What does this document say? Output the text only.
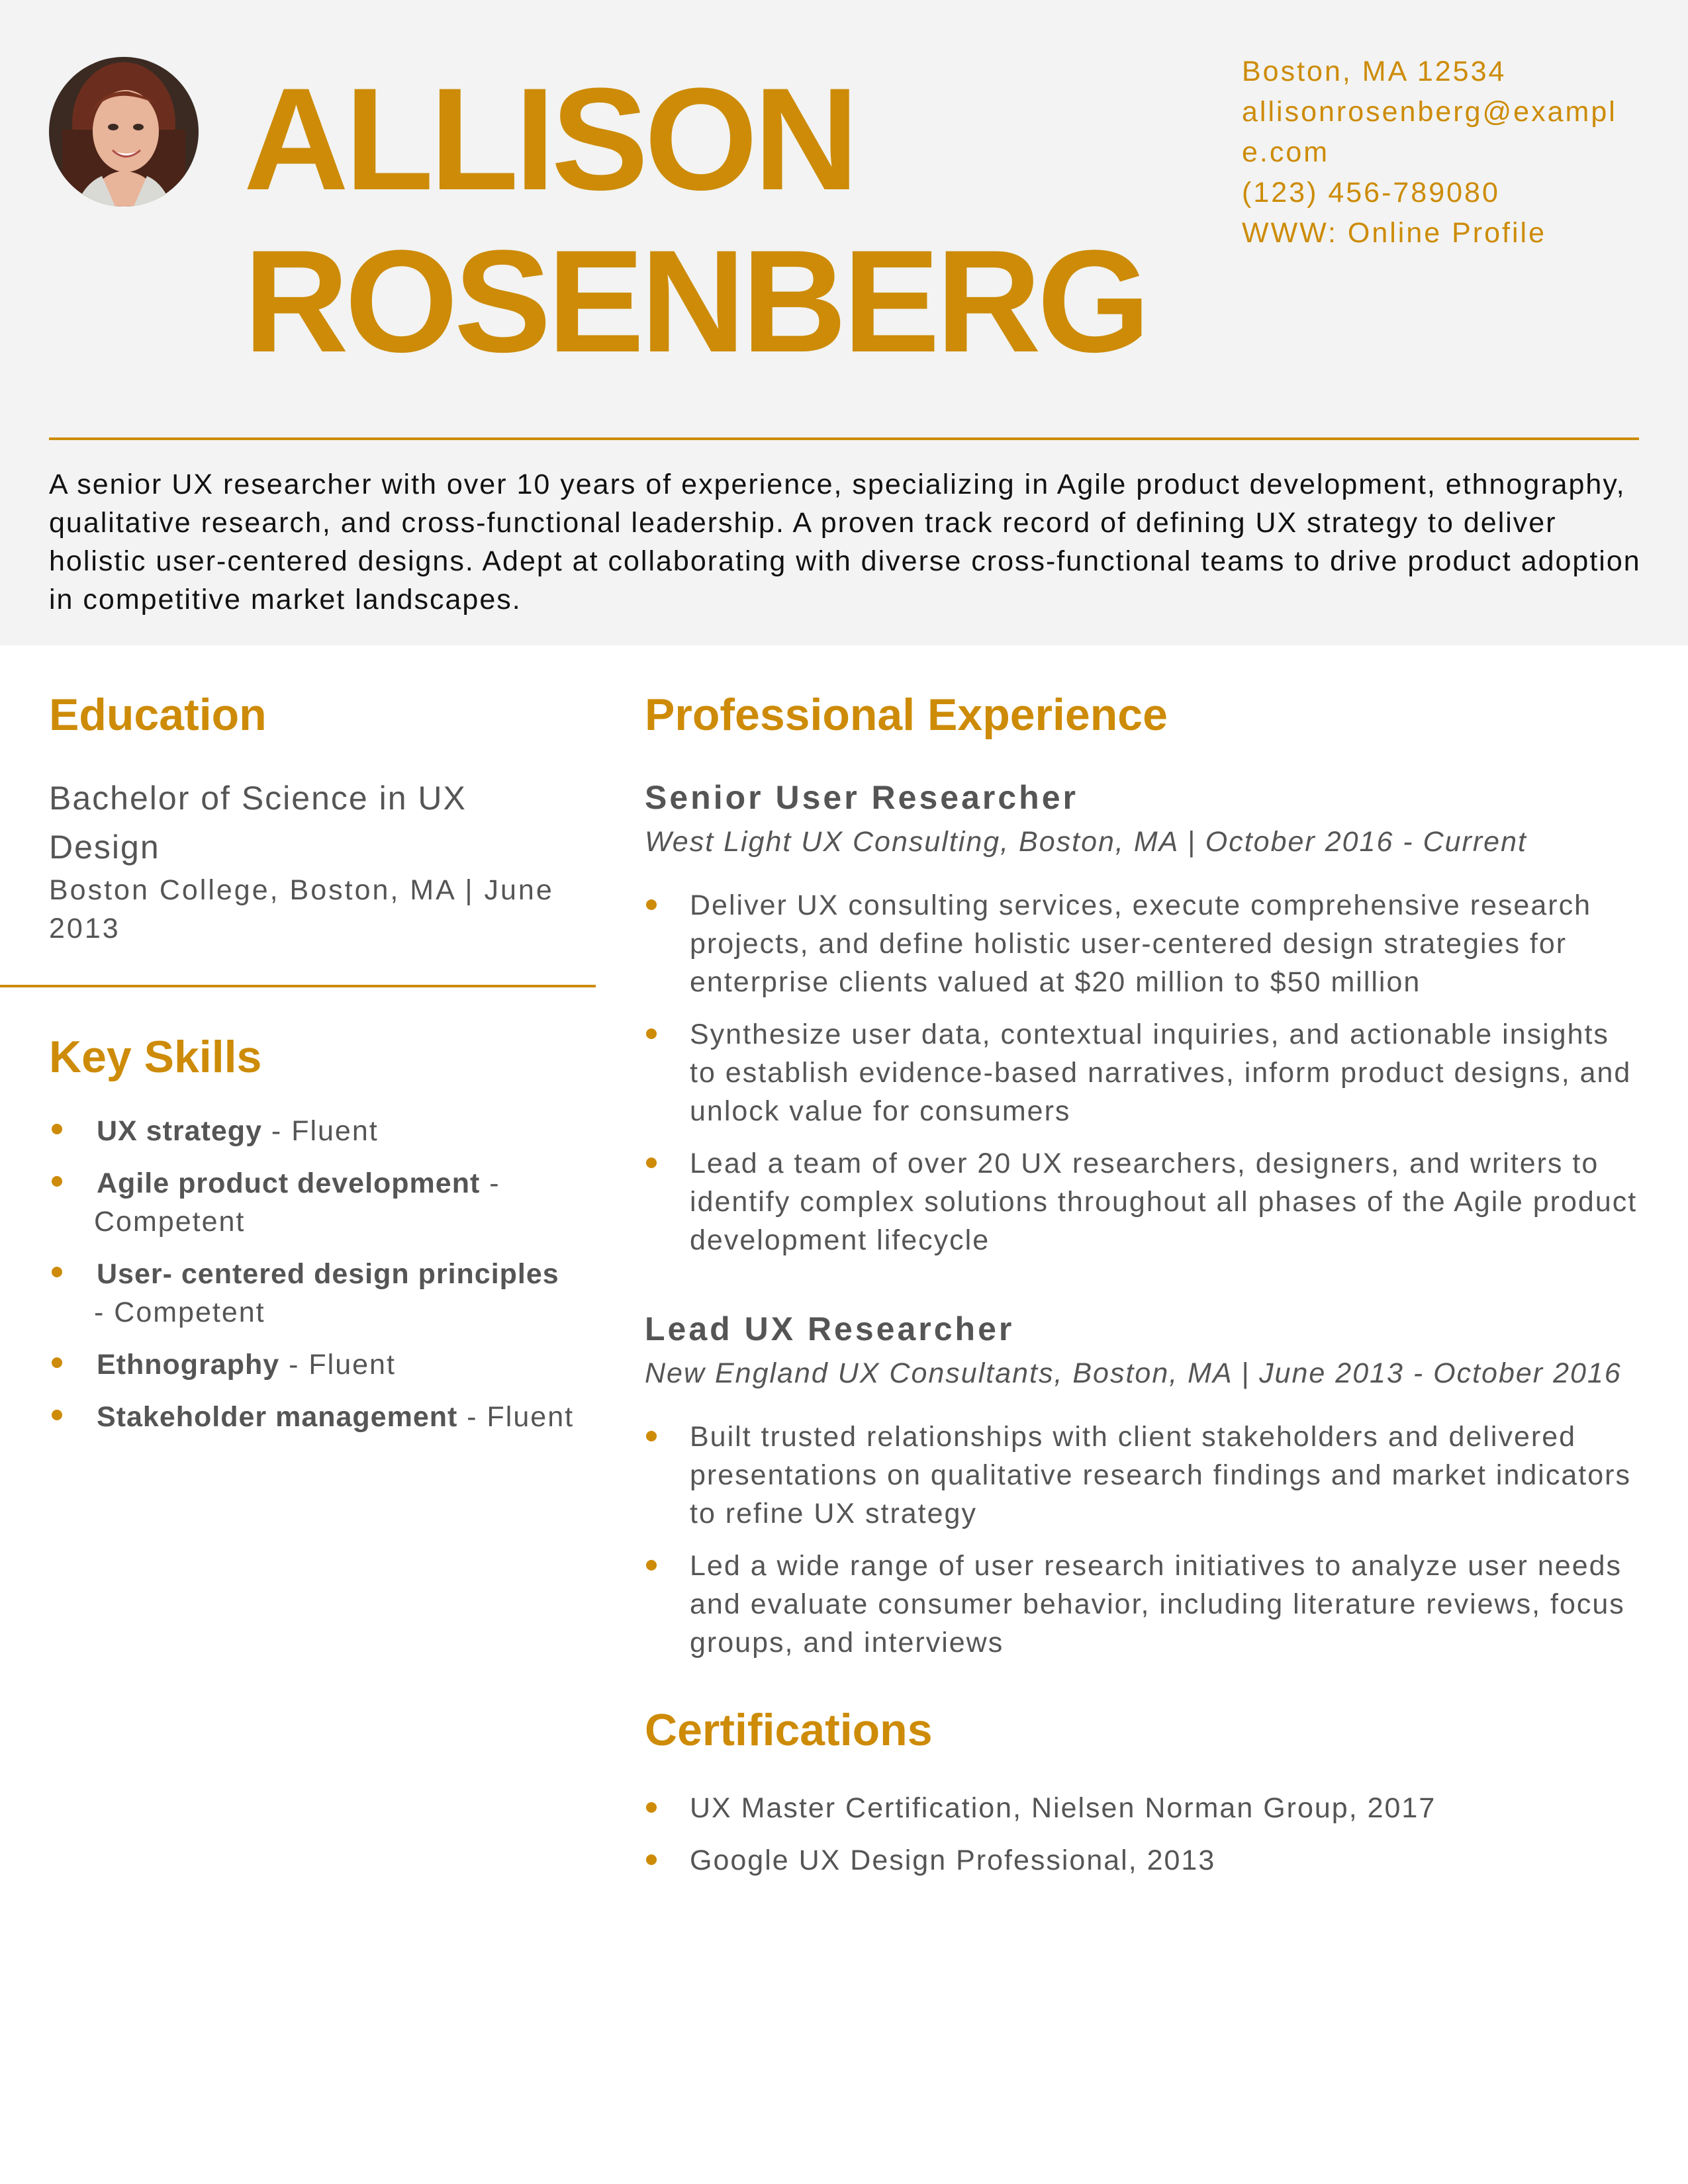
ALLISON
ROSENBERG
Boston, MA 12534
allisonrosenberg@example.com
(123) 456-789080
WWW: Online Profile

A senior UX researcher with over 10 years of experience, specializing in Agile product development, ethnography, qualitative research, and cross-functional leadership. A proven track record of defining UX strategy to deliver holistic user-centered designs. Adept at collaborating with diverse cross-functional teams to drive product adoption in competitive market landscapes.

Education
Bachelor of Science in UX Design
Boston College, Boston, MA | June 2013
Key Skills
UX strategy - Fluent
Agile product development - Competent
User- centered design principles - Competent
Ethnography - Fluent
Stakeholder management - Fluent
Professional Experience
Senior User Researcher

West Light UX Consulting, Boston, MA | October 2016 - Current

Deliver UX consulting services, execute comprehensive research projects, and define holistic user-centered design strategies for enterprise clients valued at $20 million to $50 million
Synthesize user data, contextual inquiries, and actionable insights to establish evidence-based narratives, inform product designs, and unlock value for consumers
Lead a team of over 20 UX researchers, designers, and writers to identify complex solutions throughout all phases of the Agile product development lifecycle
Lead UX Researcher

New England UX Consultants, Boston, MA | June 2013 - October 2016

Built trusted relationships with client stakeholders and delivered presentations on qualitative research findings and market indicators to refine UX strategy
Led a wide range of user research initiatives to analyze user needs and evaluate consumer behavior, including literature reviews, focus groups, and interviews
Certifications
UX Master Certification, Nielsen Norman Group, 2017
Google UX Design Professional, 2013
